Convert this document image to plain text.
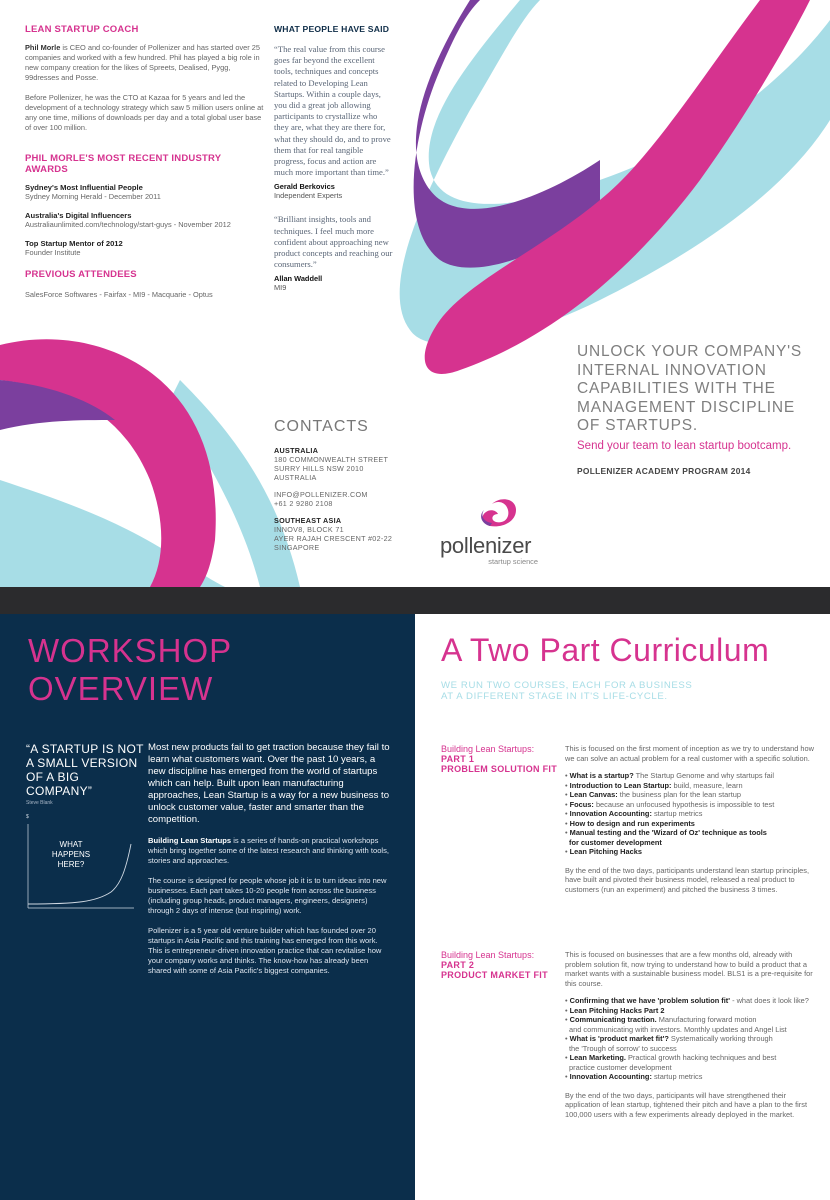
LEAN STARTUP COACH
Phil Morle is CEO and co-founder of Pollenizer and has started over 25 companies and worked with a few hundred. Phil has played a big role in new company creation for the likes of Spreets, Dealised, Pygg, 99dresses and Posse.
Before Pollenizer, he was the CTO at Kazaa for 5 years and led the development of a technology strategy which saw 5 million users online at any one time, millions of downloads per day and a total global user base of over 100 million.
PHIL MORLE'S MOST RECENT INDUSTRY AWARDS
Sydney's Most Influential People
Sydney Morning Herald - December 2011
Australia's Digital Influencers
Australiaunlimited.com/technology/start-guys - November 2012
Top Startup Mentor of 2012
Founder Institute
PREVIOUS ATTENDEES
SalesForce Softwares - Fairfax - MI9 - Macquarie - Optus
WHAT PEOPLE HAVE SAID
“The real value from this course goes far beyond the excellent tools, techniques and concepts related to Developing Lean Startups. Within a couple days, you did a great job allowing participants to crystallize who they are, what they are there for, what they should do, and to prove them that for real tangible progress, focus and action are much more important than time.”
Gerald Berkovics
Independent Experts
“Brilliant insights, tools and techniques. I feel much more confident about approaching new product concepts and reaching our consumers.”
Allan Waddell
MI9
CONTACTS
AUSTRALIA
180 COMMONWEALTH STREET
SURRY HILLS NSW 2010
AUSTRALIA
INFO@POLLENIZER.COM
+61 2 9280 2108
SOUTHEAST ASIA
INNOV8, BLOCK 71
AYER RAJAH CRESCENT #02-22
SINGAPORE	pollenizer
startup science
UNLOCK YOUR COMPANY'S
INTERNAL INNOVATION
CAPABILITIES WITH THE
MANAGEMENT DISCIPLINE
OF STARTUPS.
Send your team to lean startup bootcamp.
POLLENIZER ACADEMY PROGRAM 2014
WORKSHOP OVERVIEW
“A STARTUP IS NOT
A SMALL VERSION
OF A BIG COMPANY”
Steve Blank
$
WHAT
HAPPENS
HERE?
Most new products fail to get traction because they fail to learn what customers want. Over the past 10 years, a new discipline has emerged from the world of startups which can help. Built upon lean manufacturing approaches, Lean Startup is a way for a new business to unlock customer value, faster and smarter than the competition.
Building Lean Startups is a series of hands-on practical workshops which bring together some of the latest research and thinking with tools, stories and approaches.
The course is designed for people whose job it is to turn ideas into new businesses. Each part takes 10-20 people from across the business (including group heads, product managers, engineers, designers) through 2 days of intense (but inspiring) work.
Pollenizer is a 5 year old venture builder which has founded over 20 startups in Asia Pacific and this training has emerged from this work. This is entrepreneur-driven innovation practice that can revitalise how your company works and thinks. The know-how has already been shared with some of Asia Pacific's biggest companies.
A Two Part Curriculum
WE RUN TWO COURSES, EACH FOR A BUSINESS
AT A DIFFERENT STAGE IN IT'S LIFE-CYCLE.
Building Lean Startups:
PART 1
PROBLEM SOLUTION FIT
This is focused on the first moment of inception as we try to understand how we can solve an actual problem for a real customer with a specific solution.
• What is a startup? The Startup Genome and why startups fail
• Introduction to Lean Startup: build, measure, learn
• Lean Canvas: the business plan for the lean startup
• Focus: because an unfocused hypothesis is impossible to test
• Innovation Accounting: startup metrics
• How to design and run experiments
• Manual testing and the 'Wizard of Oz' technique as tools
for customer development
• Lean Pitching Hacks
By the end of the two days, participants understand lean startup principles, have built and pivoted their business model, released a real product to customers (run an experiment) and pitched the business 3 times.
Building Lean Startups:
PART 2
PRODUCT MARKET FIT
This is focused on businesses that are a few months old, already with problem solution fit, now trying to understand how to build a product that a market wants with a sustainable business model. BLS1 is a pre-requisite for this course.
• Confirming that we have 'problem solution fit' - what does it look like?
• Lean Pitching Hacks Part 2
• Communicating traction. Manufacturing forward motion
and communicating with investors. Monthly updates and Angel List
• What is 'product market fit'? Systematically working through
the 'Trough of sorrow' to success
• Lean Marketing. Practical growth hacking techniques and best
practice customer development
• Innovation Accounting: startup metrics
By the end of the two days, participants will have strengthened their application of lean startup, tightened their pitch and have a plan to the first 100,000 users with a few experiments already deployed in the market.
